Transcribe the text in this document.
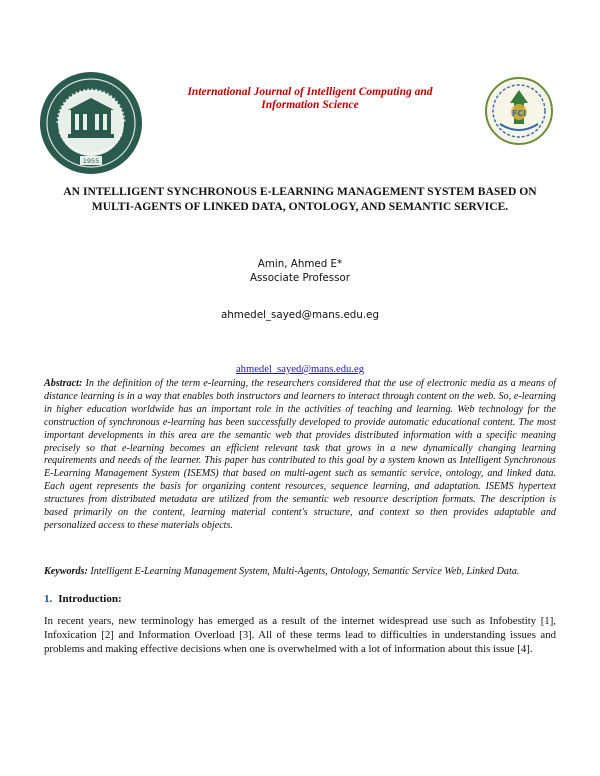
1955
International Journal of Intelligent Computing and
Information Science
FCI
AN INTELLIGENT SYNCHRONOUS E-LEARNING MANAGEMENT SYSTEM BASED ON MULTI-AGENTS OF LINKED DATA, ONTOLOGY, AND SEMANTIC SERVICE.
Amin, Ahmed E*
Associate Professor
ahmedel_sayed@mans.edu.eg
ahmedel_sayed@mans.edu.eg
Abstract: In the definition of the term e-learning, the researchers considered that the use of electronic media as a means of distance learning is in a way that enables both instructors and learners to interact through content on the web. So, e-learning in higher education worldwide has an important role in the activities of teaching and learning. Web technology for the construction of synchronous e-learning has been successfully developed to provide automatic educational content. The most important developments in this area are the semantic web that provides distributed information with a specific meaning precisely so that e-learning becomes an efficient relevant task that grows in a new dynamically changing learning requirements and needs of the learner. This paper has contributed to this goal by a system known as Intelligent Synchronous E-Learning Management System (ISEMS) that based on multi-agent such as semantic service, ontology, and linked data. Each agent represents the basis for organizing content resources, sequence learning, and adaptation. ISEMS hypertext structures from distributed metadata are utilized from the semantic web resource description formats. The description is based primarily on the content, learning material content's structure, and context so then provides adaptable and personalized access to these materials objects.
Keywords: Intelligent E-Learning Management System, Multi-Agents, Ontology, Semantic Service Web, Linked Data.
1. Introduction:
In recent years, new terminology has emerged as a result of the internet widespread use such as Infobestity [1], Infoxication [2] and Information Overload [3]. All of these terms lead to difficulties in understanding issues and problems and making effective decisions when one is overwhelmed with a lot of information about this issue [4].
